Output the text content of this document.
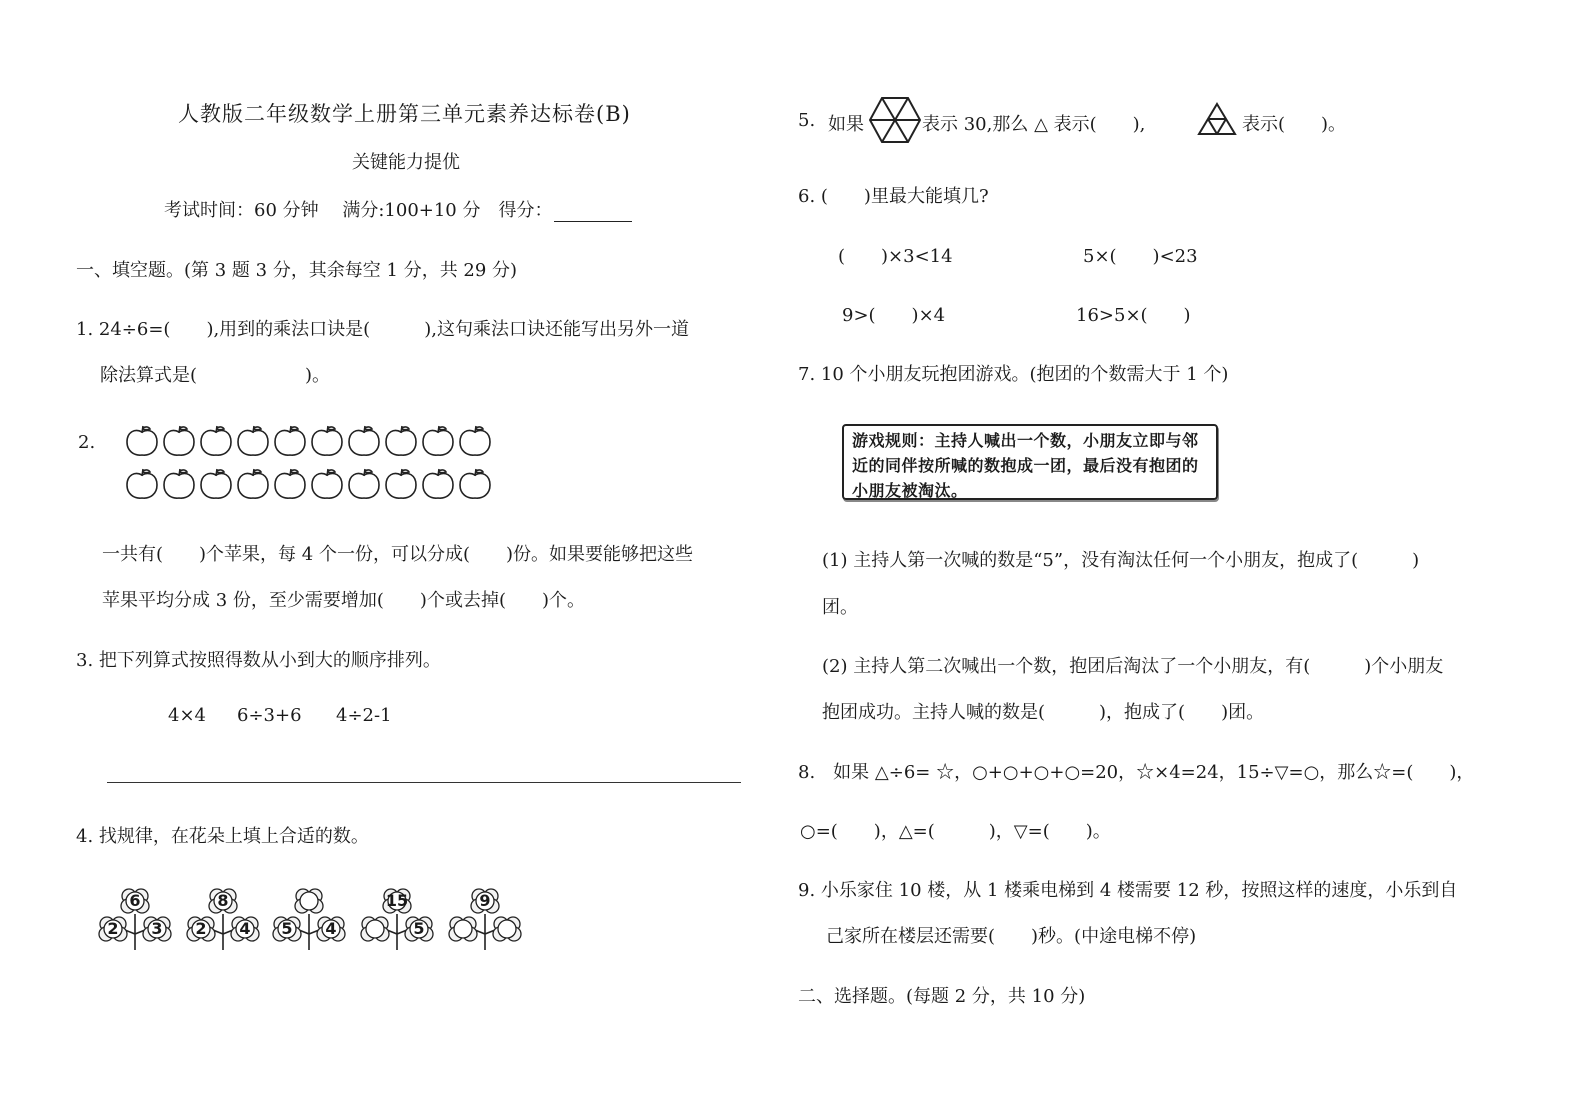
人教版二年级数学上册第三单元素养达标卷(B)
关键能力提优
考试时间：60 分钟　 满分:100+10 分　得分：
一、填空题。(第 3 题 3 分，其余每空 1 分，共 29 分)
1. 24÷6=(　　),用到的乘法口诀是(　　　),这句乘法口诀还能写出另外一道
除法算式是(　　　　　　)。
2.
一共有(　　)个苹果，每 4 个一份，可以分成(　　)份。如果要能够把这些
苹果平均分成 3 份，至少需要增加(　　)个或去掉(　　)个。
3. 把下列算式按照得数从小到大的顺序排列。
4×4 6÷3+6 4÷2-1
4. 找规律，在花朵上填上合适的数。
6
2	3
8
2	4	5	4
15
5
9
5. 如果	表示 30,那么 △ 表示(　　),	表示(　　)。
6. (　　)里最大能填几?
(　　)×3<14	5×(　　)<23
9>(　　)×4	16>5×(　　)
7. 10 个小朋友玩抱团游戏。(抱团的个数需大于 1 个)
游戏规则：主持人喊出一个数，小朋友立即与邻近的同伴按所喊的数抱成一团，最后没有抱团的小朋友被淘汰。
(1) 主持人第一次喊的数是“5”，没有淘汰任何一个小朋友，抱成了(　　　)
团。
(2) 主持人第二次喊出一个数，抱团后淘汰了一个小朋友，有(　　　)个小朋友
抱团成功。主持人喊的数是(　　　)，抱成了(　　)团。
8.　如果 △÷6= ☆，○+○+○+○=20，☆×4=24，15÷▽=○，那么☆=(　　)，
○=(　　)，△=(　　　)，▽=(　　)。
9. 小乐家住 10 楼，从 1 楼乘电梯到 4 楼需要 12 秒，按照这样的速度，小乐到自
己家所在楼层还需要(　　)秒。(中途电梯不停)
二、选择题。(每题 2 分，共 10 分)
